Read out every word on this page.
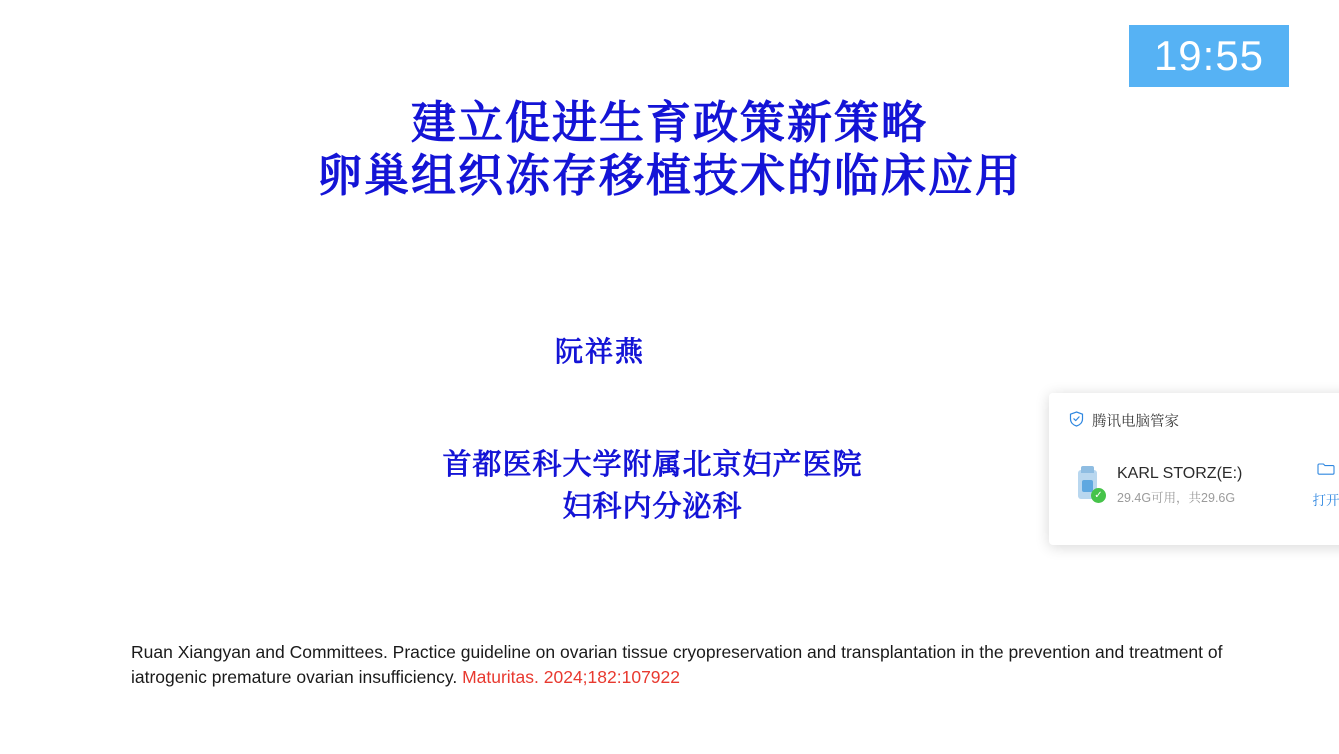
建立促进生育政策新策略
卵巢组织冻存移植技术的临床应用
阮祥燕
首都医科大学附属北京妇产医院
妇科内分泌科
Ruan Xiangyan and Committees. Practice guideline on ovarian tissue cryopreservation and transplantation in the prevention and treatment of iatrogenic premature ovarian insufficiency. Maturitas. 2024;182:107922
19:55
腾讯电脑管家
✓
KARL STORZ(E:)
29.4G可用，共29.6G	打开
